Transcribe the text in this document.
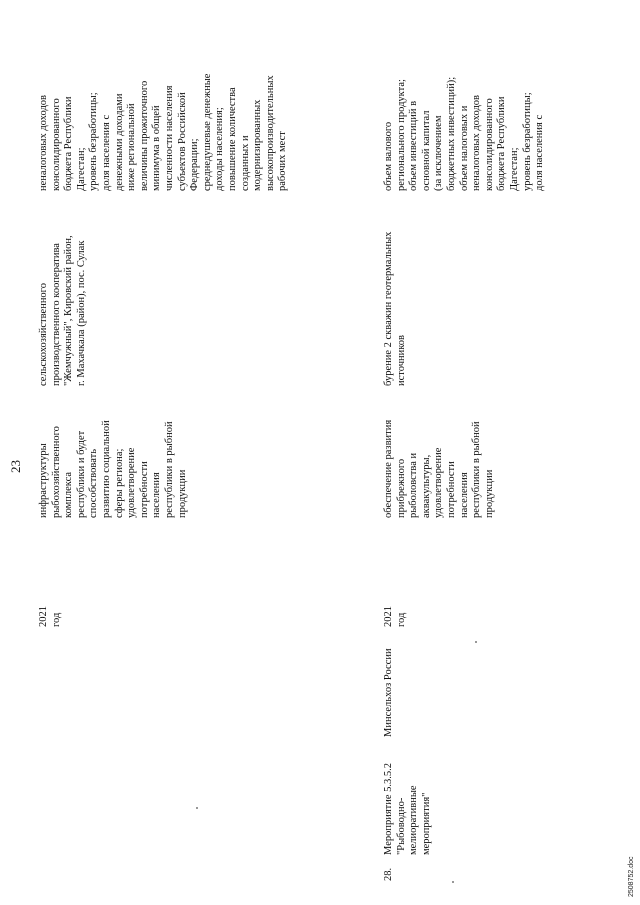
23
28.
Мероприятие 5.3.5.2 "Рыбоводно- мелиоративные мероприятия"
Минсельхоз России
2021 год
инфраструктуры рыбохозяйственного комплекса республики и будет способствовать развитию социальной сферы региона; удовлетворение потребности населения республики в рыбной продукции
сельскохозяйственного производственного кооператива "Жемчужный", Кировский район, г. Махачкала (район), пос. Сулак
неналоговых доходов консолидированного бюджета Республики Дагестан; уровень безработицы; доля населения с денежными доходами ниже региональной величины прожиточного минимума в общей численности населения субъектов Российской Федерации; среднедушевые денежные доходы населения; повышение количества созданных и модернизированных высокопроизводительных рабочих мест
2021 год
обеспечение развития прибрежного рыболовства и аквакультуры, удовлетворение потребности населения республики в рыбной продукции
бурение 2 скважин геотермальных источников
объем валового регионального продукта; объем инвестиций в основной капитал (за исключением бюджетных инвестиций); объем налоговых и неналоговых доходов консолидированного бюджета Республики Дагестан; уровень безработицы; доля населения с
2508752.doc
